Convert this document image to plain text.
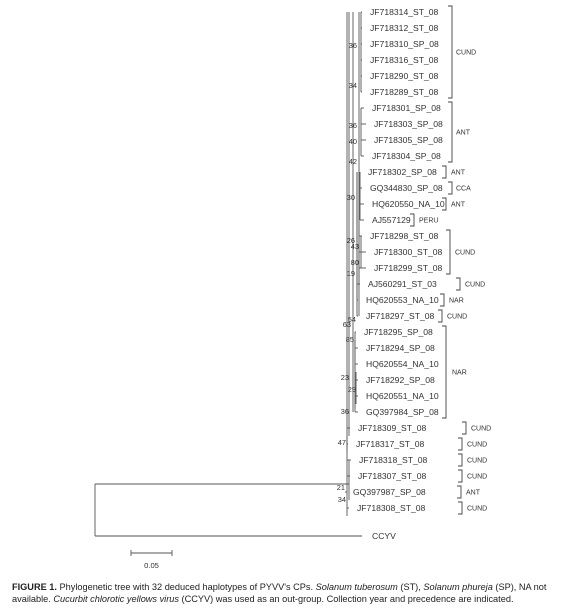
JF718314_ST_08
JF718312_ST_08
JF718310_SP_08
JF718316_ST_08
JF718290_ST_08
JF718289_ST_08
JF718301_SP_08
JF718303_SP_08
JF718305_SP_08
JF718304_SP_08
JF718302_SP_08
GQ344830_SP_08
HQ620550_NA_10
AJ557129
JF718298_ST_08
JF718300_ST_08
JF718299_ST_08
AJ560291_ST_03
HQ620553_NA_10
JF718297_ST_08
JF718295_SP_08
JF718294_SP_08
HQ620554_NA_10
JF718292_SP_08
HQ620551_NA_10
GQ397984_SP_08
JF718309_ST_08
JF718317_ST_08
JF718318_ST_08
JF718307_ST_08
GQ397987_SP_08
JF718308_ST_08
CCYV
CUND
ANT
ANT
CCA
ANT
PERU
CUND
CUND
NAR
CUND
NAR
CUND
CUND
CUND
CUND
ANT
CUND
36
34
36
40
42
30
26
43
80
19
54
63
85
29
23
36
47
21
34
0.05
FIGURE 1. Phylogenetic tree with 32 deduced haplotypes of PYVV's CPs. Solanum tuberosum (ST), Solanum phureja (SP), NA not available. Cucurbit chlorotic yellows virus (CCYV) was used as an out-group. Collection year and precedence are indicated.
